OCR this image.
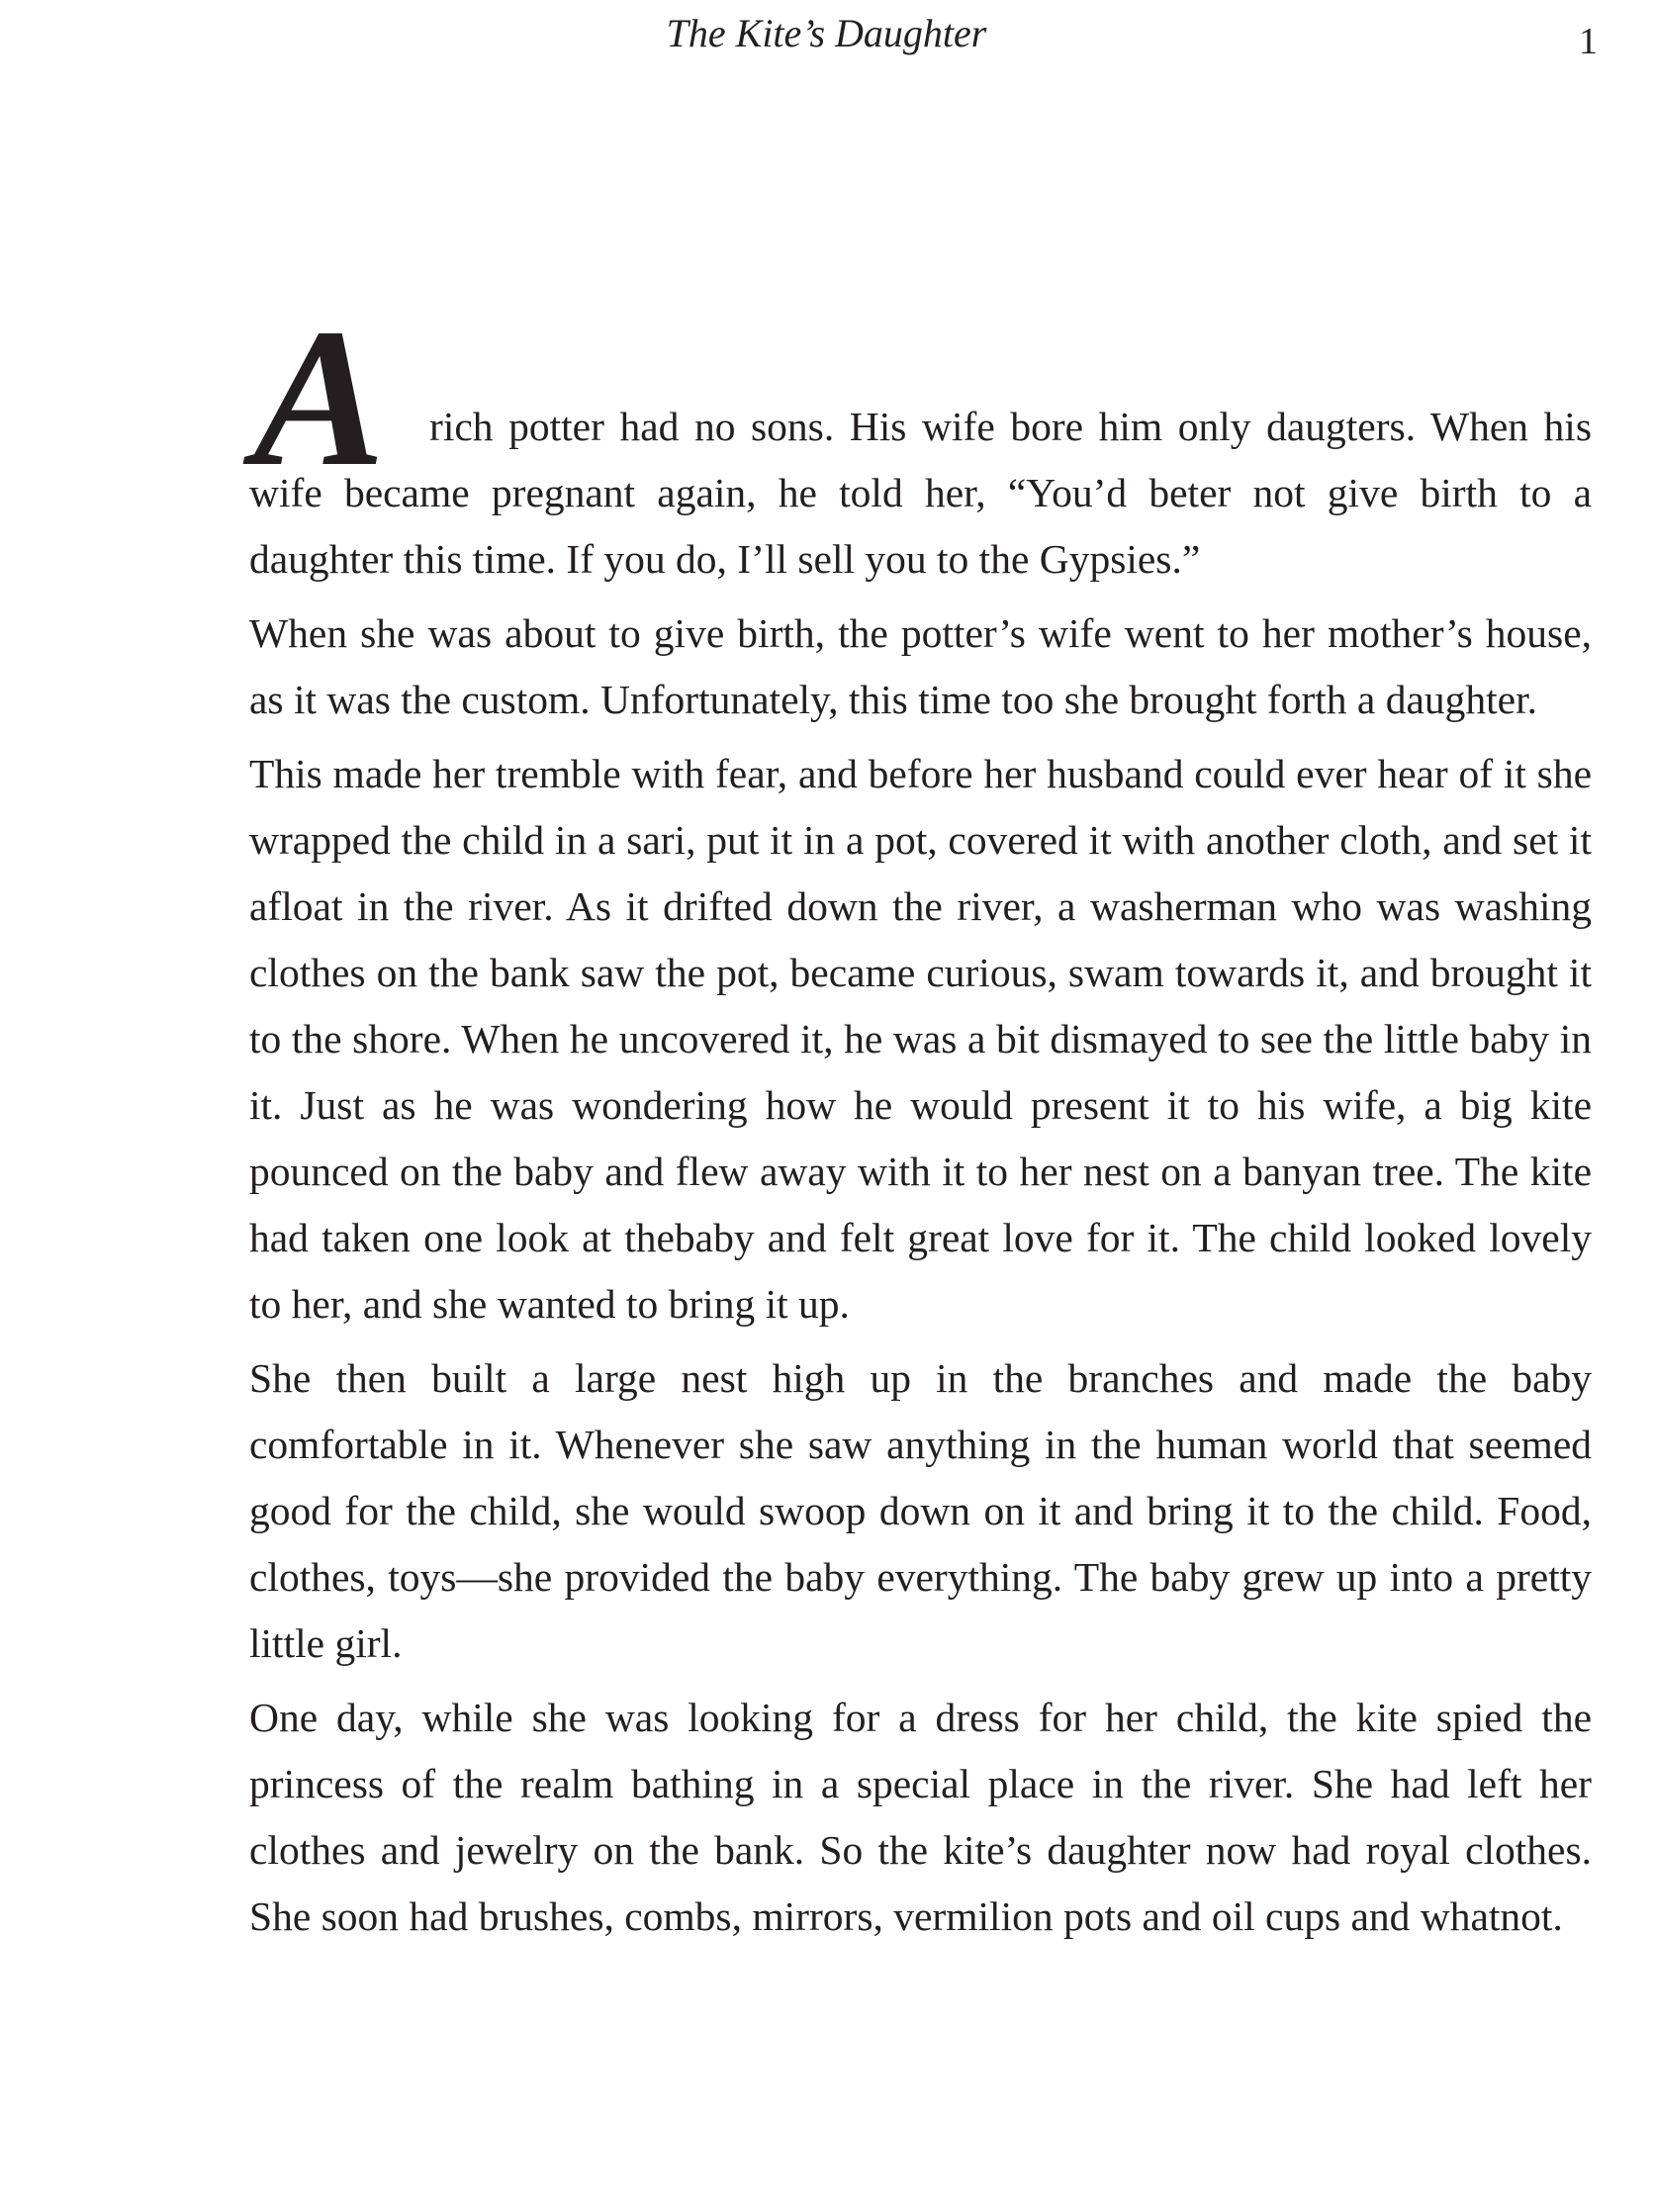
The Kite’s Daughter	1

A	rich potter had no sons. His wife bore him only daugters. When his wife became pregnant again, he told her, “You’d beter not give birth to a daughter this time. If you do, I’ll sell you to the Gypsies.”

When she was about to give birth, the potter’s wife went to her mother’s house, as it was the custom. Unfortunately, this time too she brought forth a daughter.

This made her tremble with fear, and before her husband could ever hear of it she wrapped the child in a sari, put it in a pot, covered it with another cloth, and set it afloat in the river. As it drifted down the river, a washerman who was washing clothes on the bank saw the pot, became curious, swam towards it, and brought it to the shore. When he uncovered it, he was a bit dismayed to see the little baby in it. Just as he was wondering how he would present it to his wife, a big kite pounced on the baby and flew away with it to her nest on a banyan tree. The kite had taken one look at thebaby and felt great love for it. The child looked lovely to her, and she wanted to bring it up.

She then built a large nest high up in the branches and made the baby comfortable in it. Whenever she saw anything in the human world that seemed good for the child, she would swoop down on it and bring it to the child. Food, clothes, toys—she provided the baby everything. The baby grew up into a pretty little girl.

One day, while she was looking for a dress for her child, the kite spied the princess of the realm bathing in a special place in the river. She had left her clothes and jewelry on the bank. So the kite’s daughter now had royal clothes. She soon had brushes, combs, mirrors, vermilion pots and oil cups and whatnot.
